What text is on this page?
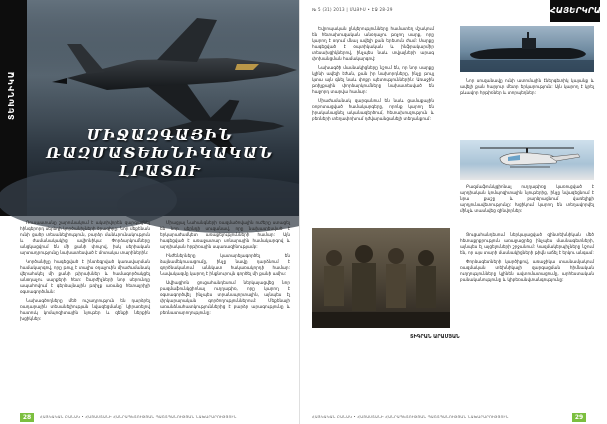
ՏԵԽՆԻԿԱ
ՄԻՋԱԶԳԱՅԻՆ
ՌԱԶՄԱՏԵԽՆԻԿԱԿԱՆ
ԼՐԱՏՈՒ

Ռուսաստանը շարունակում է ակտիվորեն զարգացնել հինգերորդ սերնդի կործանիչների ծրագիրը: Նոր մեքենան ունի ցածր տեսանելիություն, բարձր մանևրունակություն և ժամանակակից ավիոնիկա: Փորձարկումները անցկացվում են մի քանի փուլով, իսկ սերիական արտադրությունը նախատեսված է մոտակա տարիներին:

Կործանիչը հագեցված է ինտեգրված կառավարման համակարգով, որը թույլ է տալիս օդաչուին միաժամանակ վերահսկել մի քանի թիրախներ և համագործակցել անօդաչու սարքերի հետ: Շարժիչների նոր սերունդը ապահովում է գերձայնային թռիչք առանց հետայրիչի օգտագործման:

Նախագծողները մեծ ուշադրություն են դարձրել ռադարային տեսանելիության նվազեցմանը՝ կիրառելով հատուկ կոմպոզիտային նյութեր և զենքի ներքին խցիկներ:

Միացյալ Նահանգների ռազմածովային ուժերը ստացել են նոր սերնդի սուզանավ, որը նախատեսված է երկարաժամկետ առաքելությունների համար: Այն հագեցված է առաջատար սոնարային համակարգով և արդիական հրթիռային սպառազինությամբ:

Ինժեներները կատարելագործել են ձայնամեկուսացումը, ինչը նավը դարձնում է գործնականում աննկատ հակառակորդի համար: Նավակազմը կարող է ինքնուրույն գործել մի քանի ամիս:

Ավիացիոն ցուցահանդեսում ներկայացվեց նոր բազմաֆունկցիոնալ ուղղաթիռ, որը կարող է օգտագործվել ինչպես տրանսպորտային, այնպես էլ փրկարարական գործողություններում: Մեքենայի առանձնահատկություններից է բարձր արագությունը և բեռնատարողությունը:

28	ՀԱՅԿԱԿԱՆ ԲԱՆԱԿ • ՀԱՅԱՍՏԱՆԻ ՀԱՆՐԱՊԵՏՈՒԹՅԱՆ ՊԱՇՏՊԱՆՈՒԹՅԱՆ ՆԱԽԱՐԱՐՈՒԹՅՈՒՆ
№ 5 (31) 2013 | ՄԱՅԻՍ • ԷՋ 28-29	ՀԱՅԵՐԿՐԱՐ

Եվրոպական ընկերությունները համատեղ մշակում են հետախուզական անօդաչու թռչող սարք, որը կարող է օդում մնալ ավելի քան երեսուն ժամ: Սարքը հագեցված է օպտիկական և ինֆրակարմիր տեսախցիկներով, ինչպես նաև տվյալների արագ փոխանցման համակարգով:

Նախագծի մասնակիցները նշում են, որ նոր սարքը կլինի ավելի էժան, քան իր նախորդները, ինչը թույլ կտա այն գնել նաև փոքր պետություններին: Առաջին թռիչքային փորձարկումները նախատեսված են հաջորդ տարվա համար:

Միաժամանակ զարգանում են նաև ցամաքային ռոբոտացված համակարգերը, որոնք կարող են իրականացնել ականազերծում, հետախուզություն և բեռների տեղափոխում դժվարանցանելի տեղանքում:

Նոր սուզանավը ունի ատոմային էներգետիկ կայանք և ավելի քան հարյուր մետր երկարություն: Այն կարող է կրել թևավոր հրթիռներ և տորպեդներ:

Բազմաֆունկցիոնալ ուղղաթիռը կառուցված է արդիական կոմպոզիտային նյութերից, ինչը նվազեցնում է նրա քաշը և բարձրացնում վառելիքի արդյունավետությունը: Խցիկում կարող են տեղավորվել մինչև տասնվեց զինվորներ:

ՏԻԳՐԱՆ ԱՐԱՄՅԱՆ

Ցուցահանդեսում ներկայացված զինտեխնիկան մեծ հետաքրքրություն առաջացրեց ինչպես մասնագետների, այնպես էլ այցելուների շրջանում: Կազմակերպիչները նշում են, որ այս տարի մասնակիցների թիվն աճել է երկու անգամ:

Փորձագետների կարծիքով, առաջիկա տասնամյակում ռազմական տեխնիկայի զարգացման հիմնական ուղղությունները կլինեն ավտոմատացումը, արհեստական բանականությունը և կիբեռանվտանգությունը:

ՀԱՅԿԱԿԱՆ ԲԱՆԱԿ • ՀԱՅԱՍՏԱՆԻ ՀԱՆՐԱՊԵՏՈՒԹՅԱՆ ՊԱՇՏՊԱՆՈՒԹՅԱՆ ՆԱԽԱՐԱՐՈՒԹՅՈՒՆ	29
